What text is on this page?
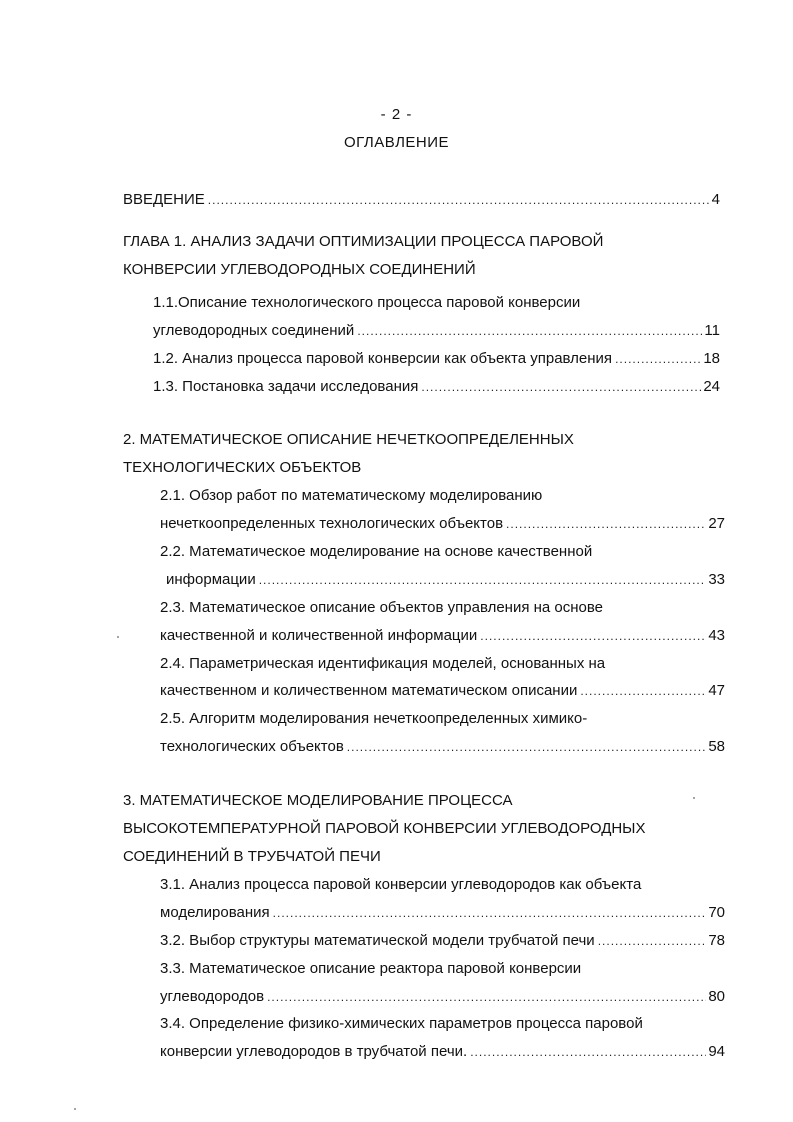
- 2 -
ОГЛАВЛЕНИЕ
ВВЕДЕНИЕ .....	4
ГЛАВА 1. АНАЛИЗ ЗАДАЧИ ОПТИМИЗАЦИИ ПРОЦЕССА ПАРОВОЙ
КОНВЕРСИИ УГЛЕВОДОРОДНЫХ СОЕДИНЕНИЙ
1.1.Описание технологического процесса паровой конверсии
углеводородных соединений .....	11
1.2. Анализ процесса паровой конверсии как объекта управления .....	18
1.3. Постановка задачи исследования .....	24
2. МАТЕМАТИЧЕСКОЕ ОПИСАНИЕ НЕЧЕТКООПРЕДЕЛЕННЫХ
ТЕХНОЛОГИЧЕСКИХ ОБЪЕКТОВ
2.1. Обзор работ по математическому моделированию
нечеткоопределенных технологических объектов .....	27
2.2. Математическое моделирование на основе качественной
информации .....	33
2.3. Математическое описание объектов управления на основе
качественной и количественной информации .....	43
2.4. Параметрическая идентификация моделей, основанных на
качественном и количественном математическом описании .....	47
2.5. Алгоритм моделирования нечеткоопределенных химико-
технологических объектов .....	58
3. МАТЕМАТИЧЕСКОЕ МОДЕЛИРОВАНИЕ ПРОЦЕССА
ВЫСОКОТЕМПЕРАТУРНОЙ ПАРОВОЙ КОНВЕРСИИ УГЛЕВОДОРОДНЫХ
СОЕДИНЕНИЙ В ТРУБЧАТОЙ ПЕЧИ
3.1. Анализ процесса паровой конверсии углеводородов как объекта
моделирования .....	70
3.2. Выбор структуры математической модели трубчатой печи .....	78
3.3. Математическое описание реактора паровой конверсии
углеводородов .....	80
3.4. Определение физико-химических параметров процесса паровой
конверсии углеводородов в трубчатой печи. .....	94
